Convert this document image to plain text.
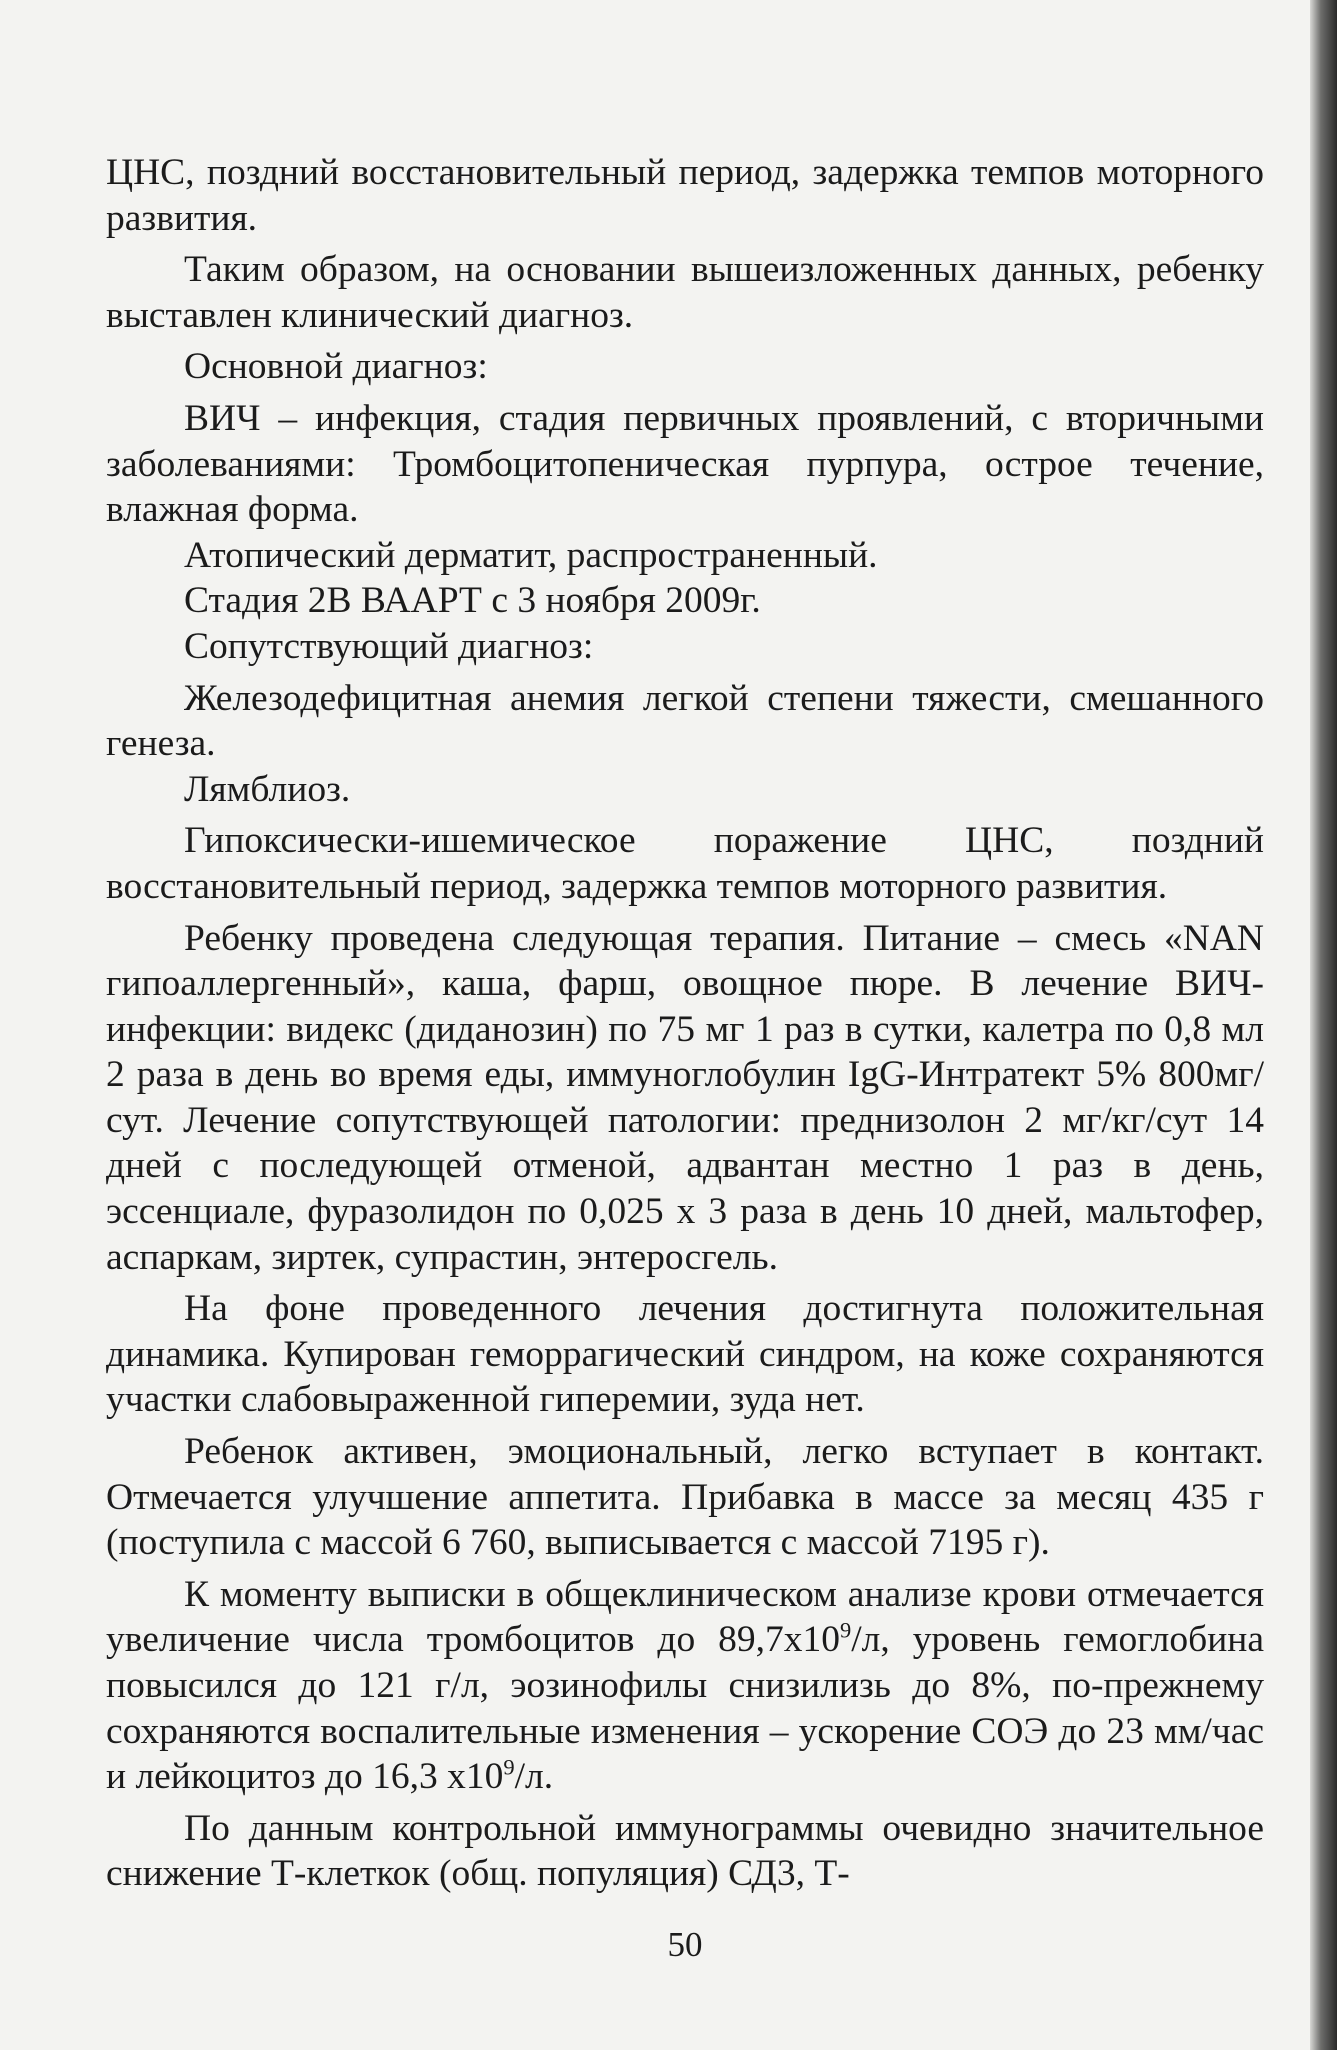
ЦНС, поздний восстановительный период, задержка темпов моторного развития.

Таким образом, на основании вышеизложенных данных, ребенку выставлен клинический диагноз.

Основной диагноз:

ВИЧ – инфекция, стадия первичных проявлений, с вторичными заболеваниями: Тромбоцитопеническая пурпура, острое течение, влажная форма.

Атопический дерматит, распространенный.

Стадия 2В ВААРТ с 3 ноября 2009г.

Сопутствующий диагноз:

Железодефицитная анемия легкой степени тяжести, смешанного генеза.

Лямблиоз.

Гипоксически-ишемическое поражение ЦНС, поздний восстановительный период, задержка темпов моторного развития.

Ребенку проведена следующая терапия. Питание – смесь «NAN гипоаллергенный», каша, фарш, овощное пюре. В лечение ВИЧ-инфекции: видекс (диданозин) по 75 мг 1 раз в сутки, калетра по 0,8 мл 2 раза в день во время еды, иммуноглобулин IgG-Интратект 5% 800мг/сут. Лечение сопутствующей патологии: преднизолон 2 мг/кг/сут 14 дней с последующей отменой, адвантан местно 1 раз в день, эссенциале, фуразолидон по 0,025 х 3 раза в день 10 дней, мальтофер, аспаркам, зиртек, супрастин, энтеросгель.

На фоне проведенного лечения достигнута положительная динамика. Купирован геморрагический синдром, на коже сохраняются участки слабовыраженной гиперемии, зуда нет.

Ребенок активен, эмоциональный, легко вступает в контакт. Отмечается улучшение аппетита. Прибавка в массе за месяц 435 г (поступила с массой 6 760, выписывается с массой 7195 г).

К моменту выписки в общеклиническом анализе крови отмечается увеличение числа тромбоцитов до $89,7x10^9/л$, уровень гемоглобина повысился до 121 г/л, эозинофилы снизилизь до 8%, по-прежнему сохраняются воспалительные изменения – ускорение СОЭ до 23 мм/час и лейкоцитоз до 16,3 $x10^9/л$.

По данным контрольной иммунограммы очевидно значительное снижение Т-клеткок (общ. популяция) СД3, Т-

50
